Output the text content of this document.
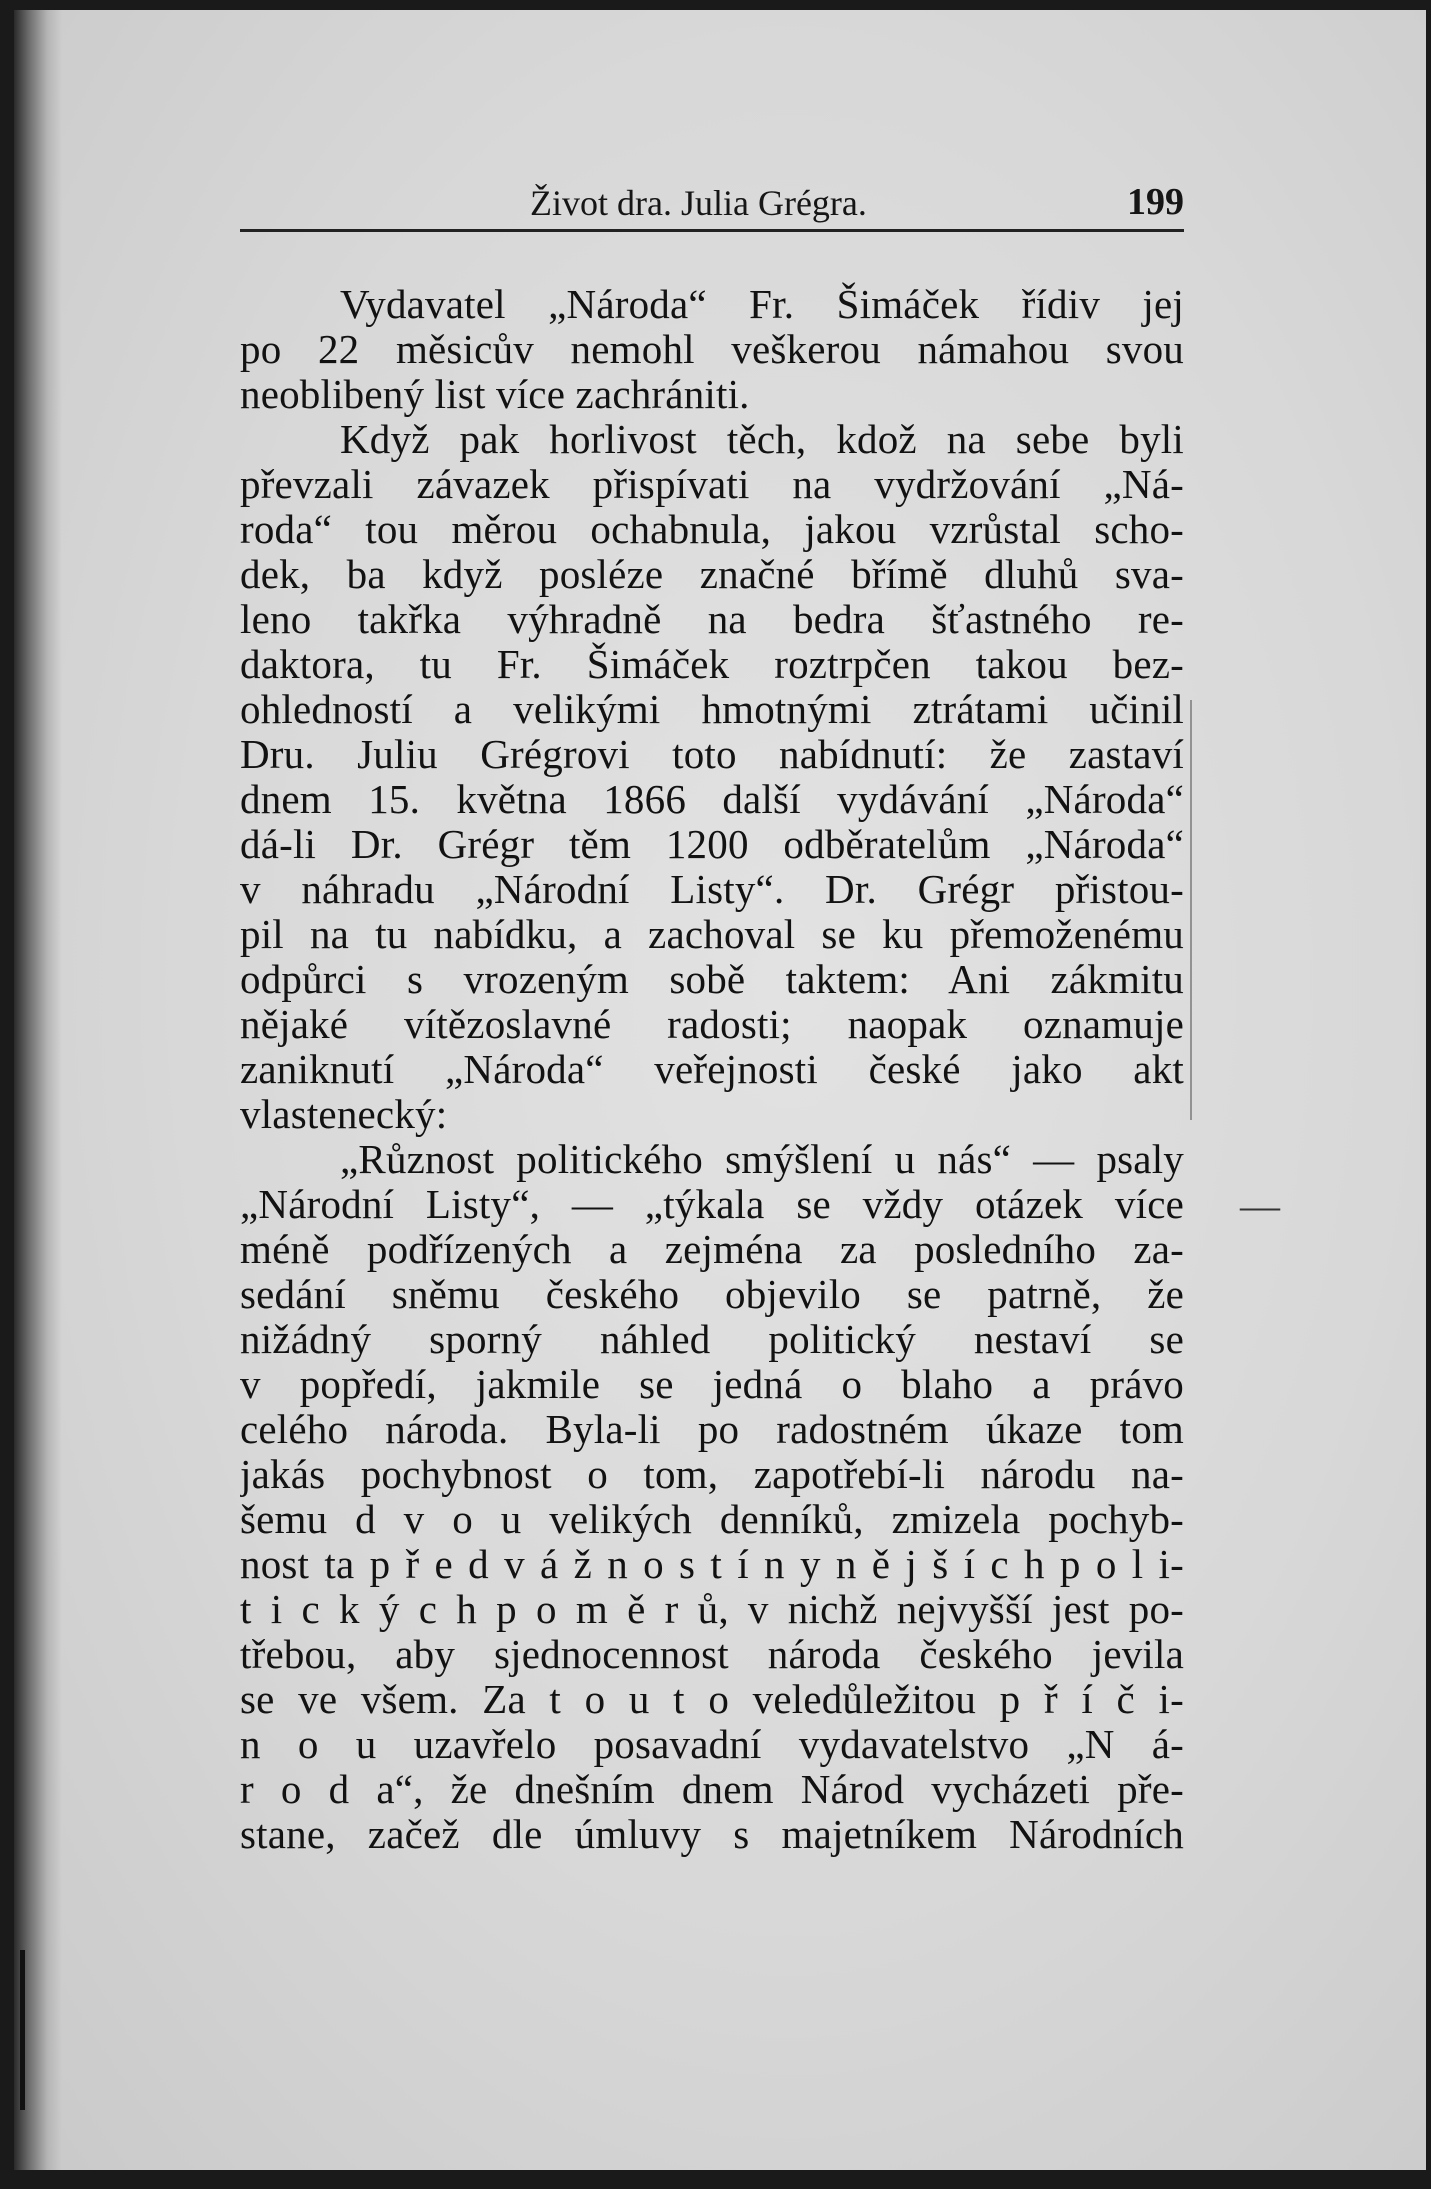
Život dra. Julia Grégra.	199
Vydavatel „Národa“ Fr. Šimáček řídiv jej
po 22 měsicův nemohl veškerou námahou svou
neoblibený list více zachrániti.
Když pak horlivost těch, kdož na sebe byli
převzali závazek přispívati na vydržování „Ná-
roda“ tou měrou ochabnula, jakou vzrůstal scho-
dek, ba když posléze značné břímě dluhů sva-
leno takřka výhradně na bedra šťastného re-
daktora, tu Fr. Šimáček roztrpčen takou bez-
ohledností a velikými hmotnými ztrátami učinil
Dru. Juliu Grégrovi toto nabídnutí: že zastaví
dnem 15. května 1866 další vydávání „Národa“
dá-li Dr. Grégr těm 1200 odběratelům „Národa“
v náhradu „Národní Listy“. Dr. Grégr přistou-
pil na tu nabídku, a zachoval se ku přemoženému
odpůrci s vrozeným sobě taktem: Ani zákmitu
nějaké vítězoslavné radosti; naopak oznamuje
zaniknutí „Národa“ veřejnosti české jako akt
vlastenecký:
„Různost politického smýšlení u nás“ — psaly
„Národní Listy“, — „týkala se vždy otázek více
méně podřízených a zejména za posledního za-
sedání sněmu českého objevilo se patrně, že
nižádný sporný náhled politický nestaví se
v popředí, jakmile se jedná o blaho a právo
celého národa. Byla-li po radostném úkaze tom
jakás pochybnost o tom, zapotřebí-li národu na-
šemu d v o u velikých denníků, zmizela pochyb-
nost ta p ř e d v á ž n o s t í n y n ě j š í c h p o l i-
t i c k ý c h p o m ě r ů, v nichž nejvyšší jest po-
třebou, aby sjednocennost národa českého jevila
se ve všem. Za t o u t o veledůležitou p ř í č i-
n o u uzavřelo posavadní vydavatelstvo „N á-
r o d a“, že dnešním dnem Národ vycházeti pře-
stane, začež dle úmluvy s majetníkem Národních
—
